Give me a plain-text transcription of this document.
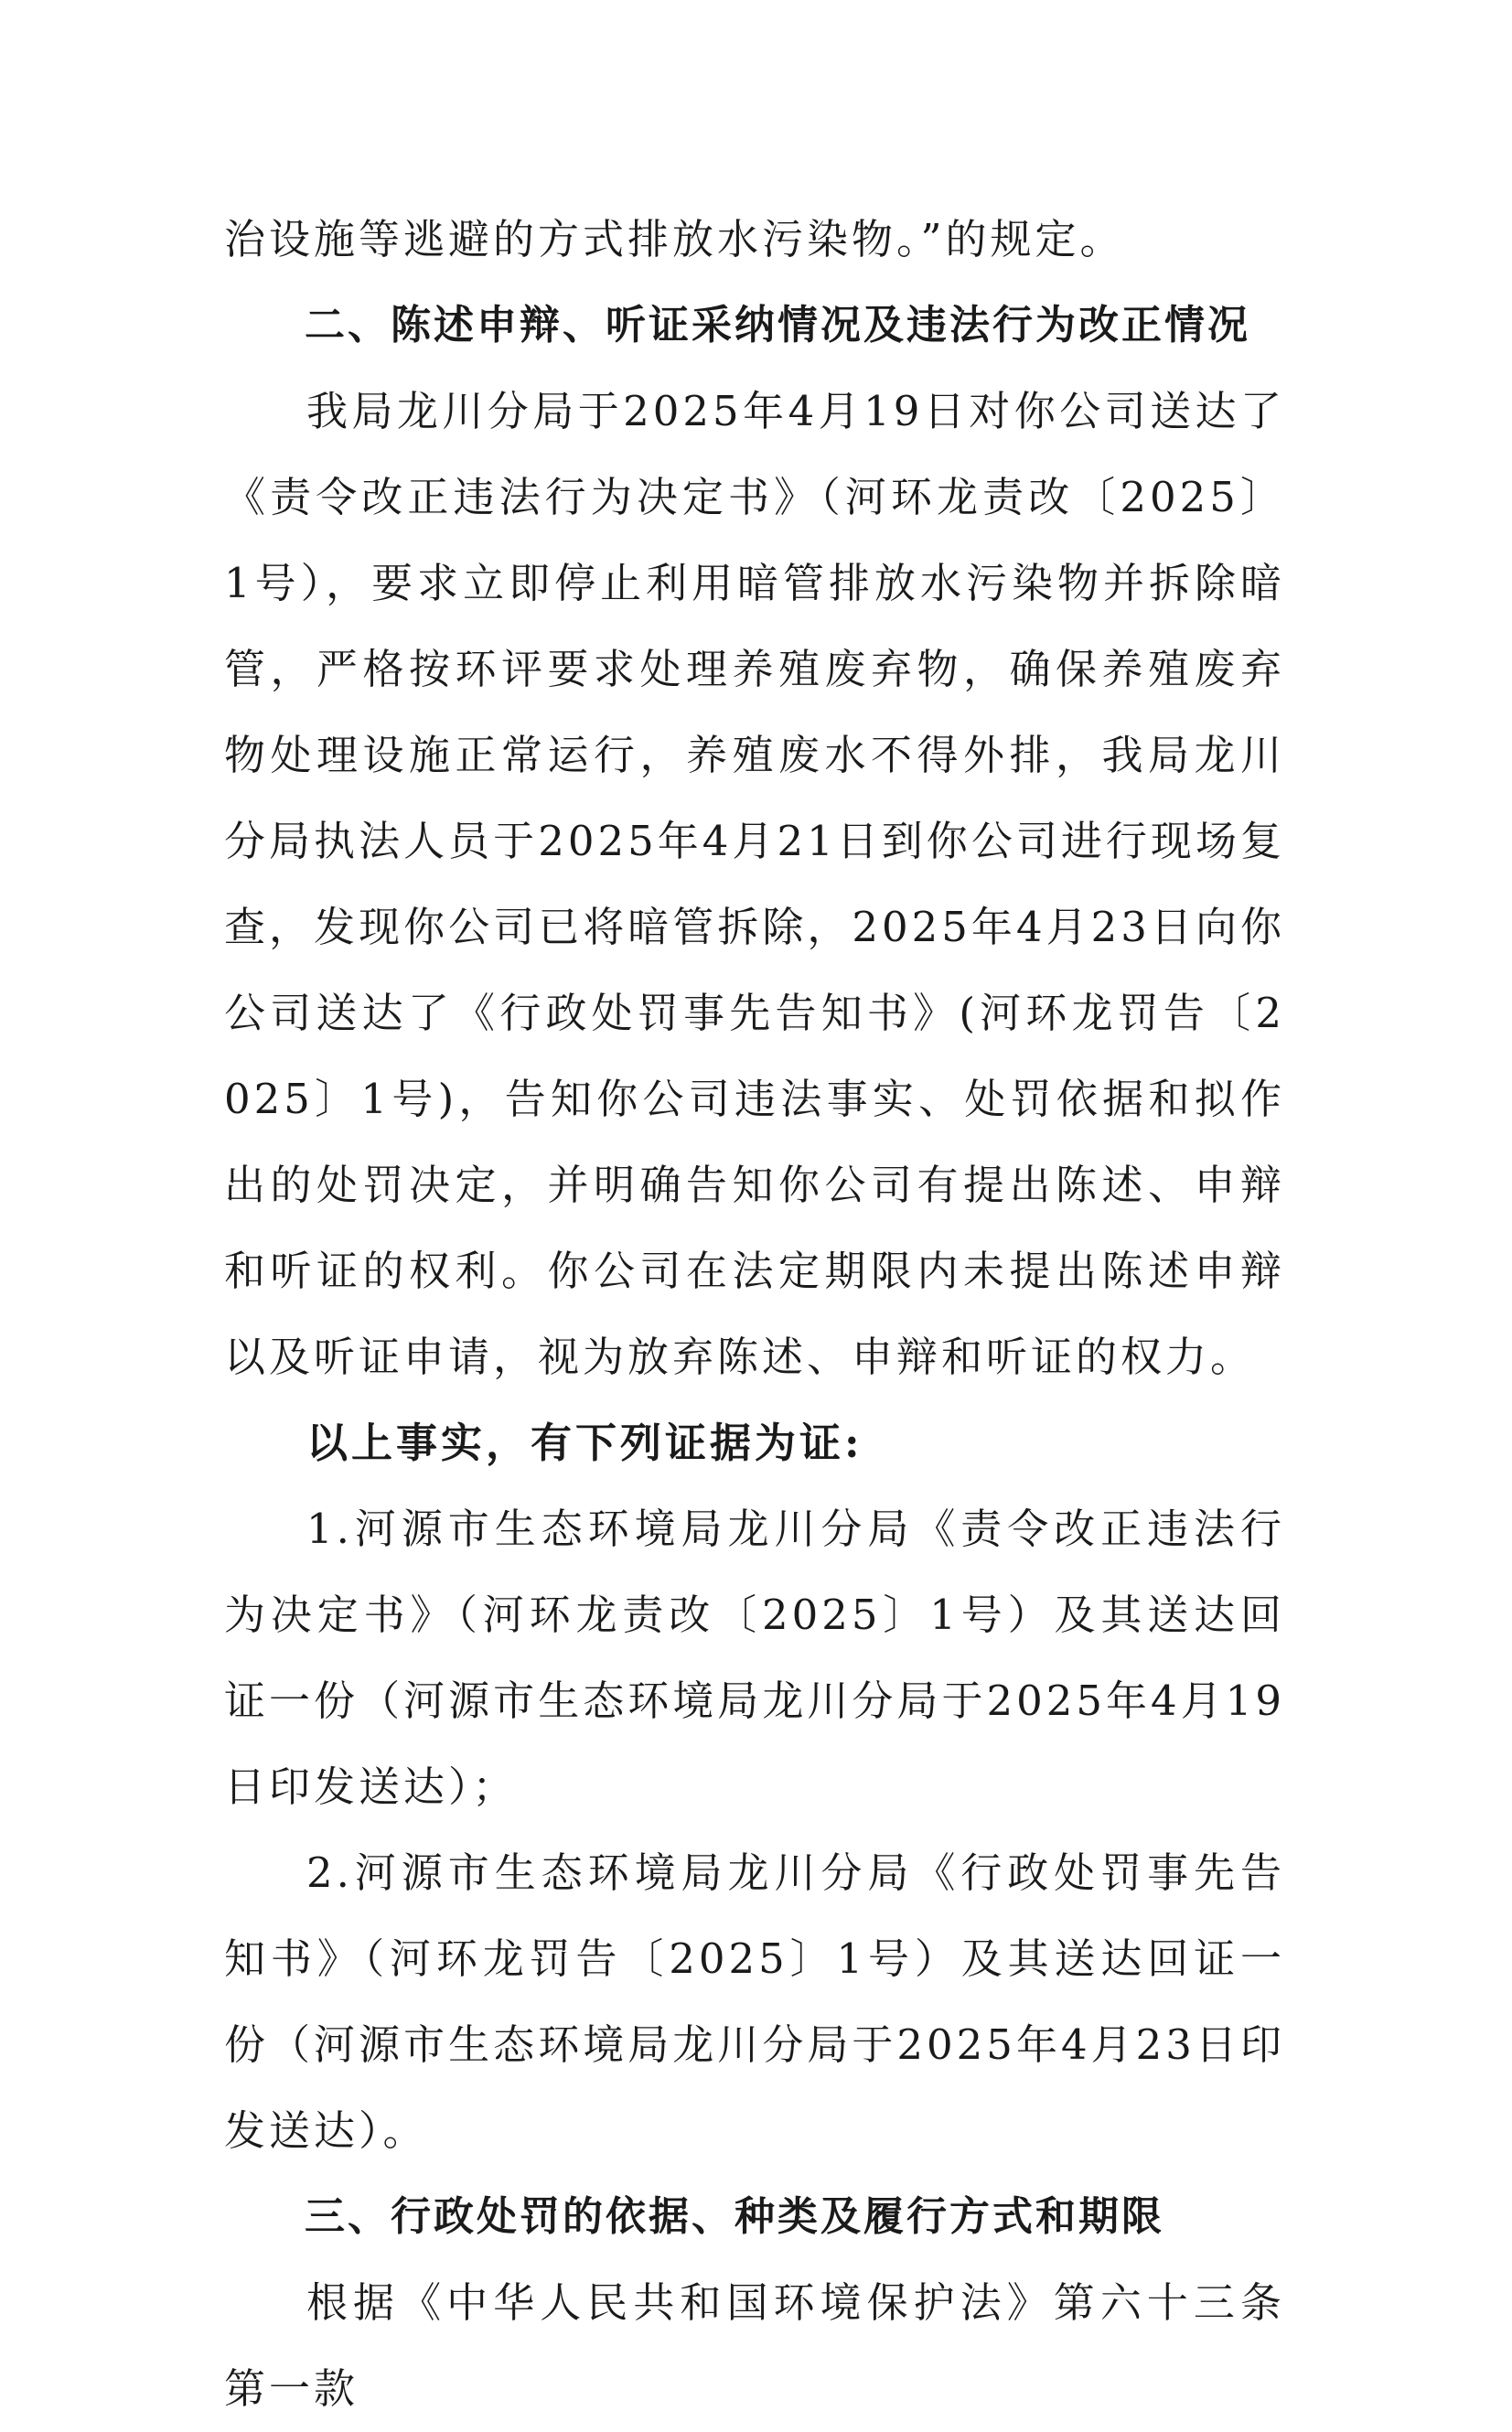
治设施等逃避的方式排放水污染物。”的规定。

二、陈述申辩、听证采纳情况及违法行为改正情况

我局龙川分局于2025年4月19日对你公司送达了《责令改正违法行为决定书》（河环龙责改〔2025〕1号），要求立即停止利用暗管排放水污染物并拆除暗管，严格按环评要求处理养殖废弃物，确保养殖废弃物处理设施正常运行，养殖废水不得外排，我局龙川分局执法人员于2025年4月21日到你公司进行现场复查，发现你公司已将暗管拆除，2025年4月23日向你公司送达了《行政处罚事先告知书》(河环龙罚告〔2025〕1号)，告知你公司违法事实、处罚依据和拟作出的处罚决定，并明确告知你公司有提出陈述、申辩和听证的权利。你公司在法定期限内未提出陈述申辩以及听证申请，视为放弃陈述、申辩和听证的权力。

以上事实，有下列证据为证:

1.河源市生态环境局龙川分局《责令改正违法行为决定书》（河环龙责改〔2025〕1号）及其送达回证一份（河源市生态环境局龙川分局于2025年4月19日印发送达）；

2.河源市生态环境局龙川分局《行政处罚事先告知书》（河环龙罚告〔2025〕1号）及其送达回证一份（河源市生态环境局龙川分局于2025年4月23日印发送达）。

三、行政处罚的依据、种类及履行方式和期限

根据《中华人民共和国环境保护法》第六十三条第一款
